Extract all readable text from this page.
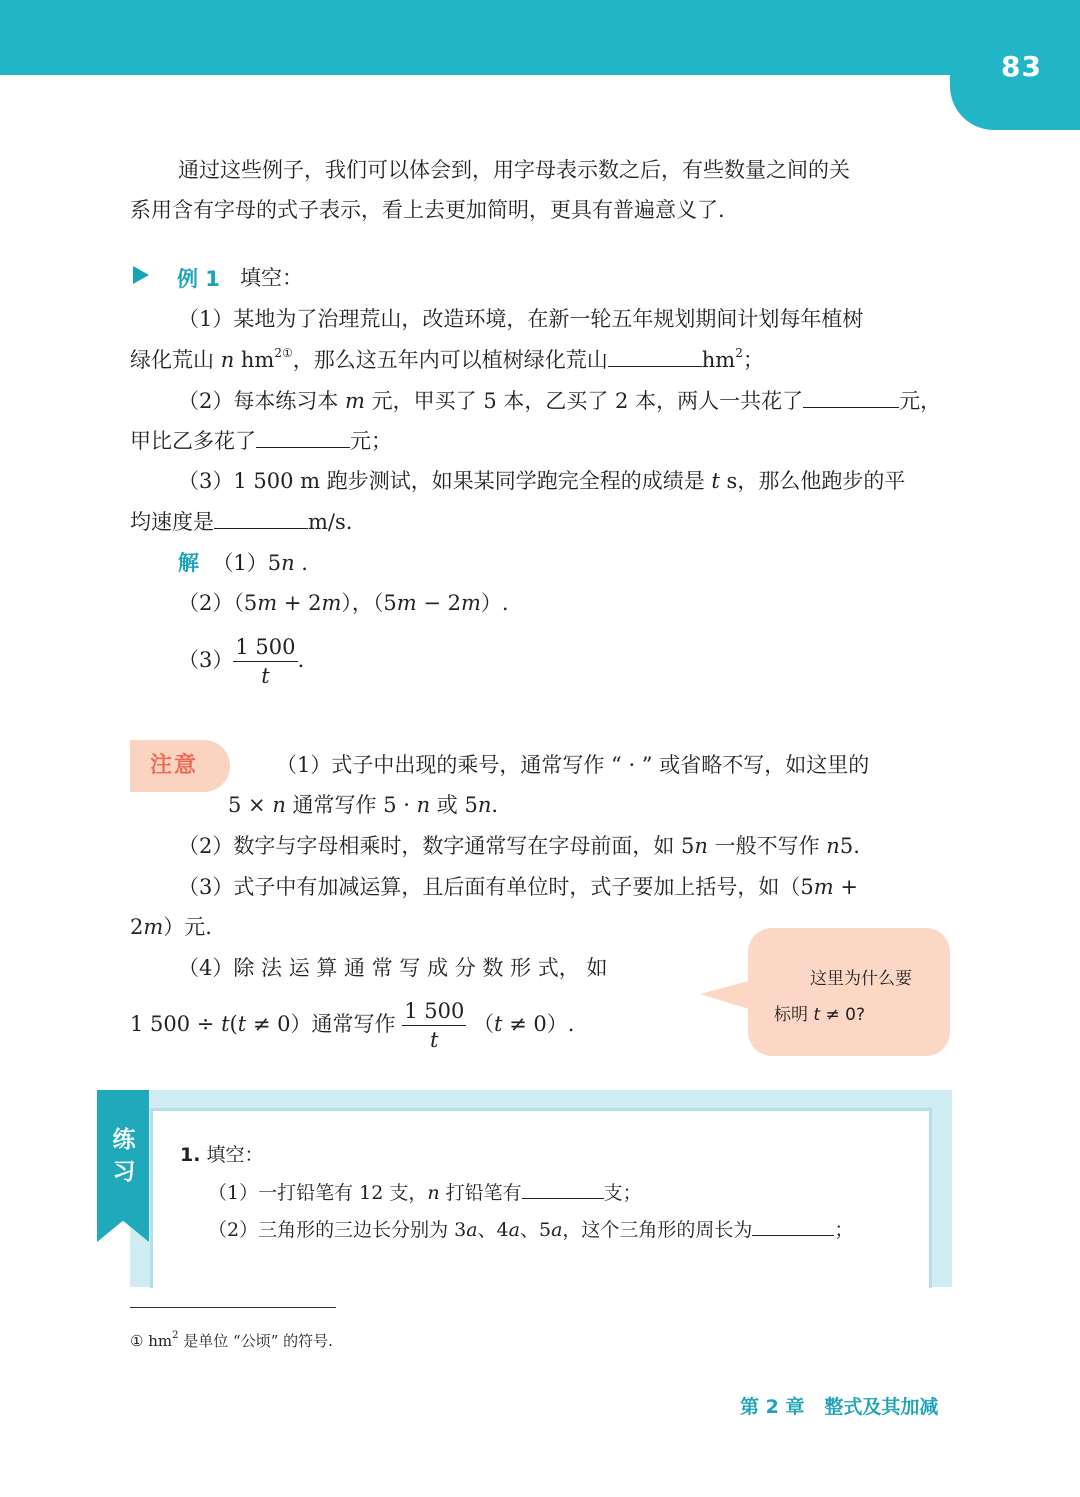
83
通过这些例子，我们可以体会到，用字母表示数之后，有些数量之间的关
系用含有字母的式子表示，看上去更加简明，更具有普遍意义了.
例 1 填空：
（1）某地为了治理荒山，改造环境，在新一轮五年规划期间计划每年植树
绿化荒山 n $hm^{2①}$，那么这五年内可以植树绿化荒山	$hm^2$；
（2）每本练习本 m 元，甲买了 5 本，乙买了 2 本，两人一共花了	元，
甲比乙多花了	元；
（3）1 500 m 跑步测试，如果某同学跑完全程的成绩是 t s，那么他跑步的平
均速度是	m/s.
解 （1）5n .
（2）（5m + 2m），（5m − 2m）.
$(3) \frac{1 500}{t}$ .
注意	（1）式子中出现的乘号，通常写作 “ · ” 或省略不写，如这里的
5 × n 通常写作 5 · n 或 5n.
（2）数字与字母相乘时，数字通常写在字母前面，如 5n 一般不写作 n5.
（3）式子中有加减运算，且后面有单位时，式子要加上括号，如（5m +
2m）元.
（4）除 法 运 算 通 常 写 成 分 数 形 式， 如
1 500 ÷ t(t ≠ 0）通常写作 $\frac{1 500}{t} (t \ne 0)$.
这里为什么要
标明 t ≠ 0?
练习
1. 填空：
（1）一打铅笔有 12 支，n 打铅笔有	支；
（2）三角形的三边长分别为 3a、4a、5a，这个三角形的周长为	；
① $hm^2$ 是单位 “公顷” 的符号.
第 2 章 整式及其加减
